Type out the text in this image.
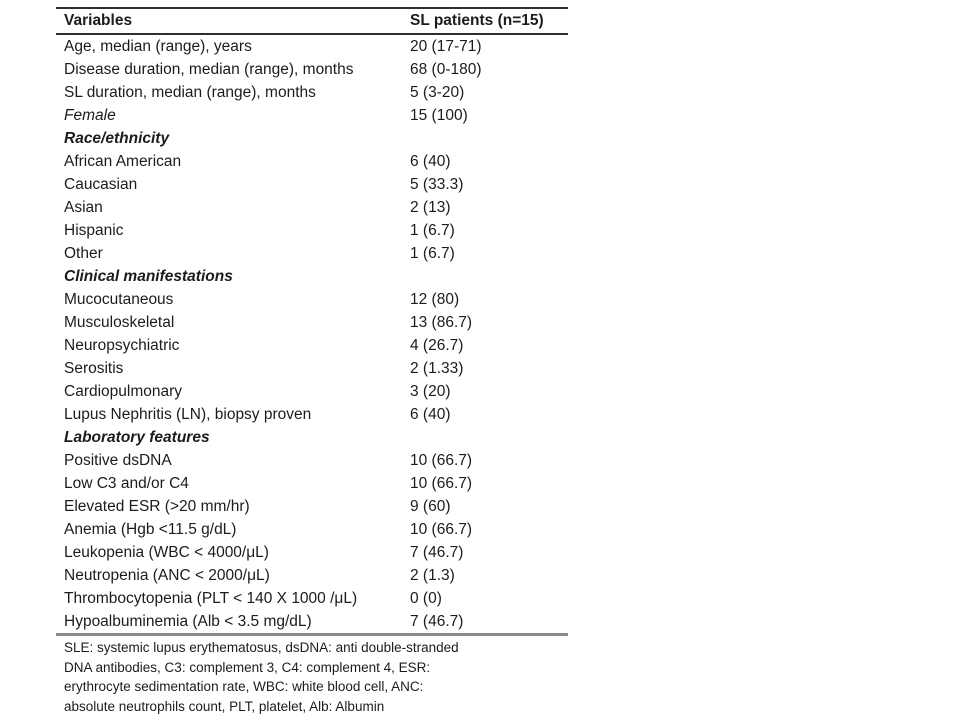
Variables	SL patients (n=15)
Age, median (range), years	20 (17-71)
Disease duration, median (range), months	68 (0-180)
SL duration, median (range), months	5 (3-20)
Female	15 (100)
Race/ethnicity
African American	6 (40)
Caucasian	5 (33.3)
Asian	2 (13)
Hispanic	1 (6.7)
Other	1 (6.7)
Clinical manifestations
Mucocutaneous	12 (80)
Musculoskeletal	13 (86.7)
Neuropsychiatric	4 (26.7)
Serositis	2 (1.33)
Cardiopulmonary	3 (20)
Lupus Nephritis (LN), biopsy proven	6 (40)
Laboratory features
Positive dsDNA	10 (66.7)
Low C3 and/or C4	10 (66.7)
Elevated ESR (>20 mm/hr)	9 (60)
Anemia (Hgb <11.5 g/dL)	10 (66.7)
Leukopenia (WBC < 4000/μL)	7 (46.7)
Neutropenia (ANC < 2000/μL)	2 (1.3)
Thrombocytopenia (PLT < 140 X 1000 /μL)	0 (0)
Hypoalbuminemia (Alb < 3.5 mg/dL)	7 (46.7)
SLE: systemic lupus erythematosus, dsDNA: anti double-stranded
DNA antibodies, C3: complement 3, C4: complement 4, ESR:
erythrocyte sedimentation rate, WBC: white blood cell, ANC:
absolute neutrophils count, PLT, platelet, Alb: Albumin
